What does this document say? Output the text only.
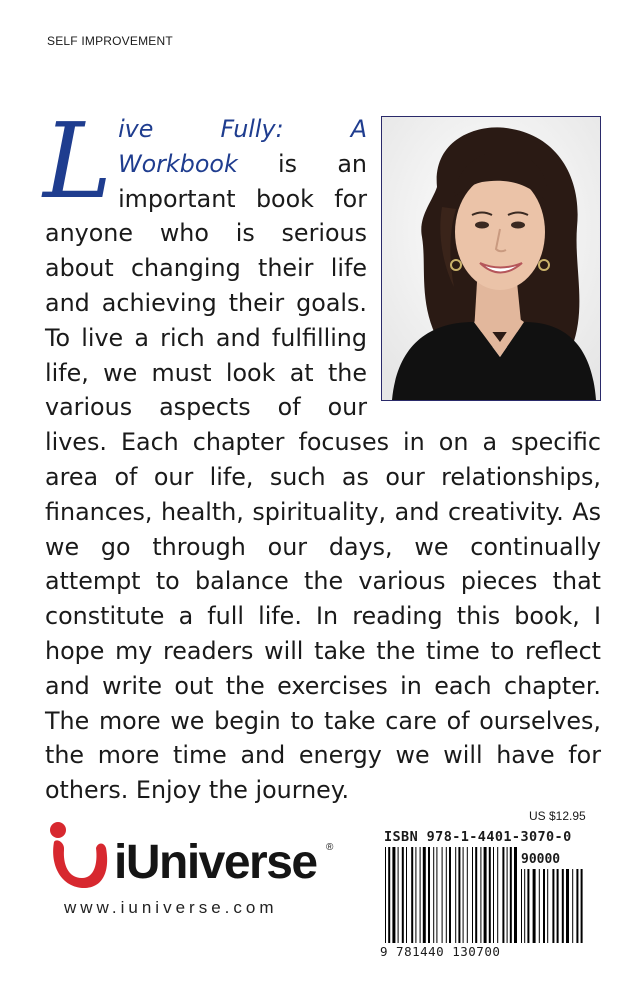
SELF IMPROVEMENT
L ive Fully: A Workbook is an important book for anyone who is serious about changing their life and achieving their goals. To live a rich and fulfilling life, we must look at the various aspects of our lives. Each chapter focuses in on a specific area of our life, such as our relationships, finances, health, spirituality, and creativity. As we go through our days, we continually attempt to balance the various pieces that constitute a full life. In reading this book, I hope my readers will take the time to reflect and write out the exercises in each chapter. The more we begin to take care of ourselves, the more time and energy we will have for others. Enjoy the journey.
iUniverse ®
www.iuniverse.com
US $12.95
ISBN 978-1-4401-3070-0
90000
9 781440 130700
